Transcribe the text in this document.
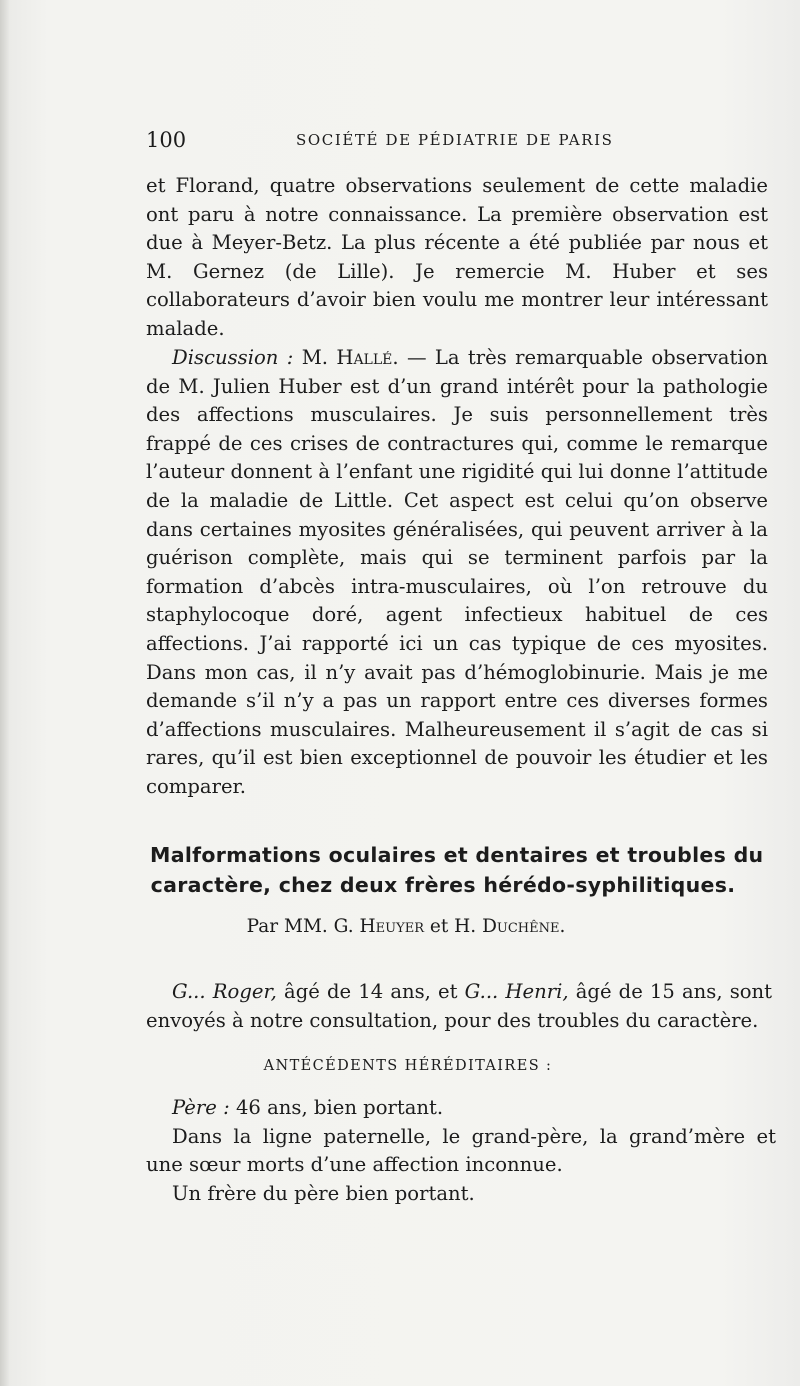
100	SOCIÉTÉ DE PÉDIATRIE DE PARIS

et Florand, quatre observations seulement de cette maladie ont paru à notre connaissance. La première observation est due à Meyer-Betz. La plus récente a été publiée par nous et M. Gernez (de Lille). Je remercie M. Huber et ses collaborateurs d’avoir bien voulu me montrer leur intéressant malade.

Discussion : M. Hallé. — La très remarquable observation de M. Julien Huber est d’un grand intérêt pour la pathologie des affections musculaires. Je suis personnellement très frappé de ces crises de contractures qui, comme le remarque l’auteur donnent à l’enfant une rigidité qui lui donne l’attitude de la maladie de Little. Cet aspect est celui qu’on observe dans certaines myosites généralisées, qui peuvent arriver à la guérison complète, mais qui se terminent parfois par la formation d’abcès intra-musculaires, où l’on retrouve du staphylocoque doré, agent infectieux habituel de ces affections. J’ai rapporté ici un cas typique de ces myosites. Dans mon cas, il n’y avait pas d’hémoglobinurie. Mais je me demande s’il n’y a pas un rapport entre ces diverses formes d’affections musculaires. Malheureusement il s’agit de cas si rares, qu’il est bien exceptionnel de pouvoir les étudier et les comparer.

Malformations oculaires et dentaires et troubles du
caractère, chez deux frères hérédo-syphilitiques.
Par MM. G. Heuyer et H. Duchêne.

G... Roger, âgé de 14 ans, et G... Henri, âgé de 15 ans, sont envoyés à notre consultation, pour des troubles du caractère.

ANTÉCÉDENTS HÉRÉDITAIRES :

Père : 46 ans, bien portant.

Dans la ligne paternelle, le grand-père, la grand’mère et une sœur morts d’une affection inconnue.

Un frère du père bien portant.
